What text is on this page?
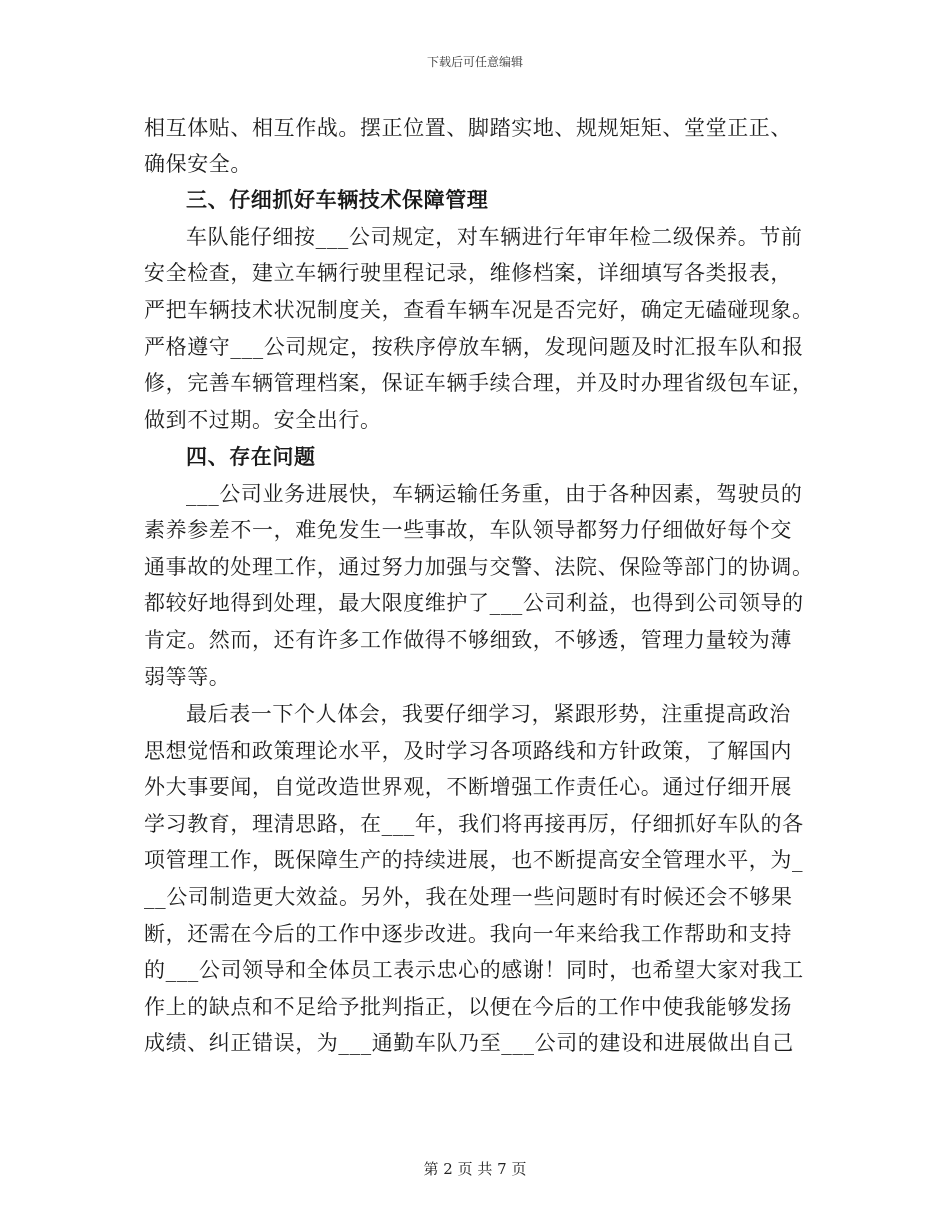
下载后可任意编辑
相互体贴、相互作战。摆正位置、脚踏实地、规规矩矩、堂堂正正、
确保安全。
三、仔细抓好车辆技术保障管理
车队能仔细按___公司规定，对车辆进行年审年检二级保养。节前
安全检查，建立车辆行驶里程记录，维修档案，详细填写各类报表，
严把车辆技术状况制度关，查看车辆车况是否完好，确定无磕碰现象。
严格遵守___公司规定，按秩序停放车辆，发现问题及时汇报车队和报
修，完善车辆管理档案，保证车辆手续合理，并及时办理省级包车证，
做到不过期。安全出行。
四、存在问题
___公司业务进展快，车辆运输任务重，由于各种因素，驾驶员的
素养参差不一，难免发生一些事故，车队领导都努力仔细做好每个交
通事故的处理工作，通过努力加强与交警、法院、保险等部门的协调。
都较好地得到处理，最大限度维护了___公司利益，也得到公司领导的
肯定。然而，还有许多工作做得不够细致，不够透，管理力量较为薄
弱等等。
最后表一下个人体会，我要仔细学习，紧跟形势，注重提高政治
思想觉悟和政策理论水平，及时学习各项路线和方针政策，了解国内
外大事要闻，自觉改造世界观，不断增强工作责任心。通过仔细开展
学习教育，理清思路，在___年，我们将再接再厉，仔细抓好车队的各
项管理工作，既保障生产的持续进展，也不断提高安全管理水平，为_
__公司制造更大效益。另外，我在处理一些问题时有时候还会不够果
断，还需在今后的工作中逐步改进。我向一年来给我工作帮助和支持
的___公司领导和全体员工表示忠心的感谢！同时，也希望大家对我工
作上的缺点和不足给予批判指正，以便在今后的工作中使我能够发扬
成绩、纠正错误，为___通勤车队乃至___公司的建设和进展做出自己
第 2 页 共 7 页
